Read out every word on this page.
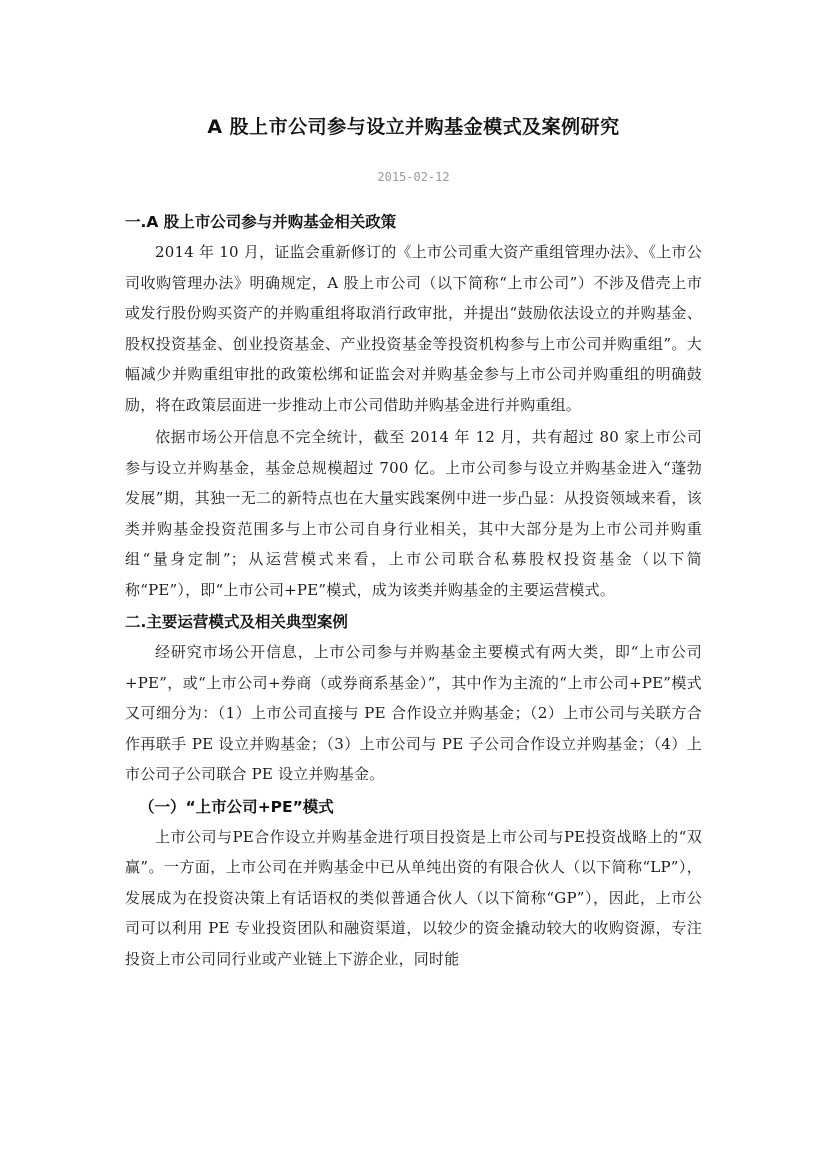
A 股上市公司参与设立并购基金模式及案例研究
2015-02-12

一.A 股上市公司参与并购基金相关政策

2014 年 10 月，证监会重新修订的《上市公司重大资产重组管理办法》、《上市公司收购管理办法》明确规定，A 股上市公司（以下简称“上市公司”）不涉及借壳上市或发行股份购买资产的并购重组将取消行政审批，并提出“鼓励依法设立的并购基金、股权投资基金、创业投资基金、产业投资基金等投资机构参与上市公司并购重组”。大幅减少并购重组审批的政策松绑和证监会对并购基金参与上市公司并购重组的明确鼓励，将在政策层面进一步推动上市公司借助并购基金进行并购重组。

依据市场公开信息不完全统计，截至 2014 年 12 月，共有超过 80 家上市公司参与设立并购基金，基金总规模超过 700 亿。上市公司参与设立并购基金进入“蓬勃发展”期，其独一无二的新特点也在大量实践案例中进一步凸显：从投资领域来看，该类并购基金投资范围多与上市公司自身行业相关，其中大部分是为上市公司并购重组“量身定制”；从运营模式来看，上市公司联合私募股权投资基金（以下简称“PE”），即“上市公司+PE”模式，成为该类并购基金的主要运营模式。

二.主要运营模式及相关典型案例

经研究市场公开信息，上市公司参与并购基金主要模式有两大类，即“上市公司+PE”，或“上市公司+券商（或券商系基金）”，其中作为主流的“上市公司+PE”模式又可细分为：（1）上市公司直接与 PE 合作设立并购基金；（2）上市公司与关联方合作再联手 PE 设立并购基金；（3）上市公司与 PE 子公司合作设立并购基金；（4）上市公司子公司联合 PE 设立并购基金。

（一）“上市公司+PE”模式

上市公司与PE合作设立并购基金进行项目投资是上市公司与PE投资战略上的“双赢”。一方面，上市公司在并购基金中已从单纯出资的有限合伙人（以下简称“LP”），发展成为在投资决策上有话语权的类似普通合伙人（以下简称“GP”），因此，上市公司可以利用 PE 专业投资团队和融资渠道，以较少的资金撬动较大的收购资源，专注投资上市公司同行业或产业链上下游企业，同时能
